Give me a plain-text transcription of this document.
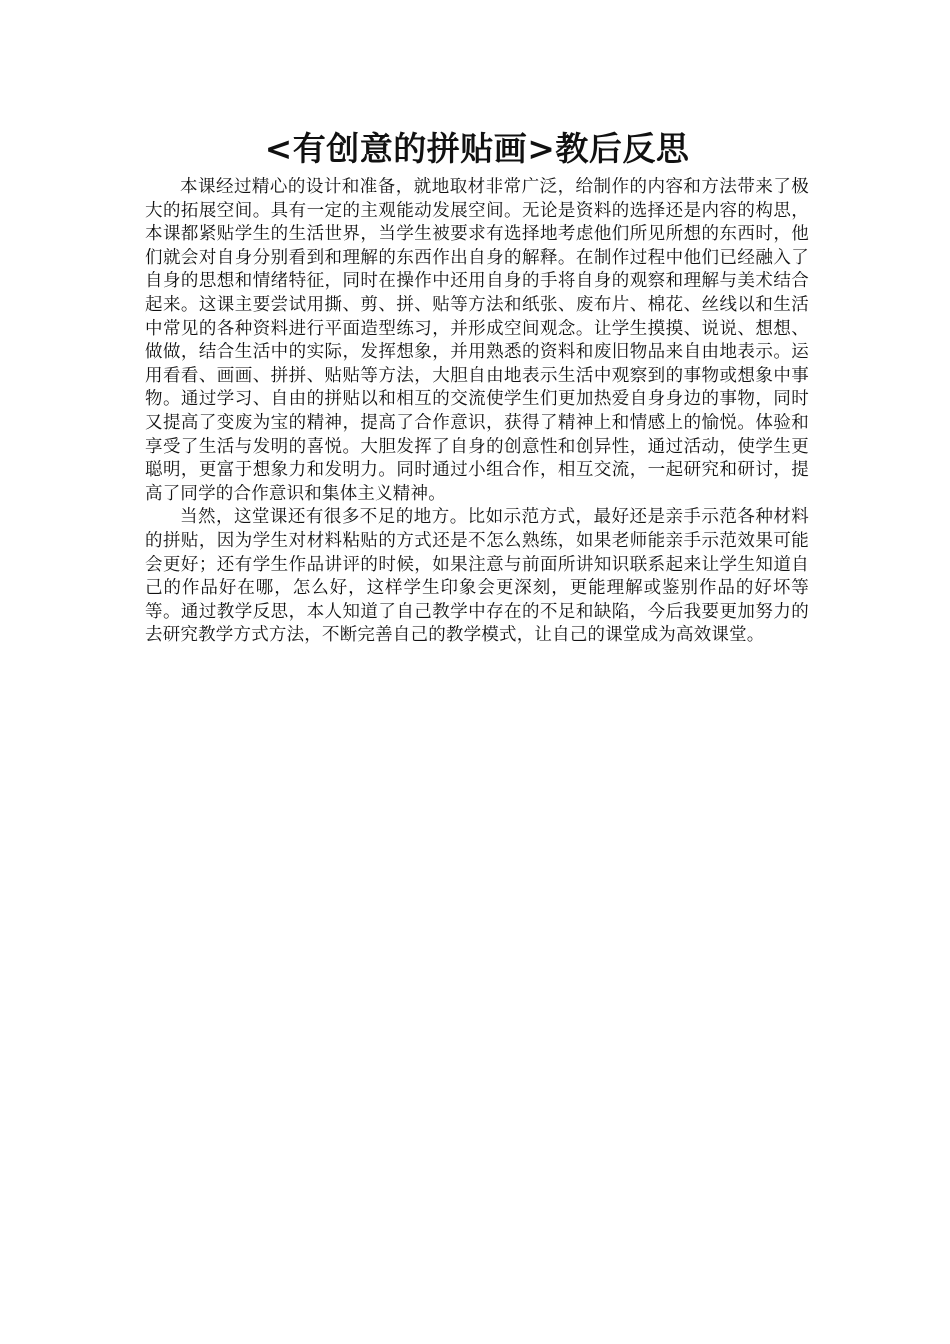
<有创意的拼贴画>教后反思

本课经过精心的设计和准备，就地取材非常广泛，给制作的内容和方法带来了极大的拓展空间。具有一定的主观能动发展空间。无论是资料的选择还是内容的构思，本课都紧贴学生的生活世界，当学生被要求有选择地考虑他们所见所想的东西时，他们就会对自身分别看到和理解的东西作出自身的解释。在制作过程中他们已经融入了自身的思想和情绪特征，同时在操作中还用自身的手将自身的观察和理解与美术结合起来。这课主要尝试用撕、剪、拼、贴等方法和纸张、废布片、棉花、丝线以和生活中常见的各种资料进行平面造型练习，并形成空间观念。让学生摸摸、说说、想想、做做，结合生活中的实际，发挥想象，并用熟悉的资料和废旧物品来自由地表示。运用看看、画画、拼拼、贴贴等方法，大胆自由地表示生活中观察到的事物或想象中事物。通过学习、自由的拼贴以和相互的交流使学生们更加热爱自身身边的事物，同时又提高了变废为宝的精神，提高了合作意识，获得了精神上和情感上的愉悦。体验和享受了生活与发明的喜悦。大胆发挥了自身的创意性和创异性，通过活动，使学生更聪明，更富于想象力和发明力。同时通过小组合作，相互交流，一起研究和研讨，提高了同学的合作意识和集体主义精神。

当然，这堂课还有很多不足的地方。比如示范方式，最好还是亲手示范各种材料的拼贴，因为学生对材料粘贴的方式还是不怎么熟练，如果老师能亲手示范效果可能会更好；还有学生作品讲评的时候，如果注意与前面所讲知识联系起来让学生知道自己的作品好在哪，怎么好，这样学生印象会更深刻，更能理解或鉴别作品的好坏等等。通过教学反思，本人知道了自己教学中存在的不足和缺陷，今后我要更加努力的去研究教学方式方法，不断完善自己的教学模式，让自己的课堂成为高效课堂。
